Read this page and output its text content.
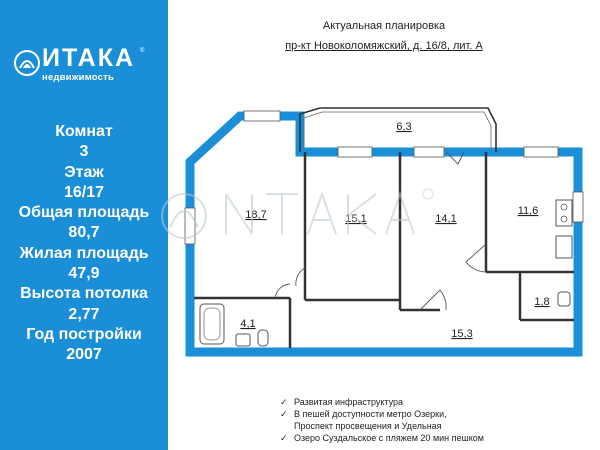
ИТАКА ®
недвижимость
Комнат
3
Этаж
16/17
Общая площадь
80,7
Жилая площадь
47,9
Высота потолка
2,77
Год постройки
2007
Актуальная планировка
пр-кт Новоколомяжский, д. 16/8, лит. А
6,3
18,7	15,1	14,1
11,6
1,8
4,1
15,3
✓ Развитая инфраструктура
✓ В пешей доступности метро Озерки,
Проспект просвещения и Удельная
✓ Озеро Суздальское с пляжем 20 мин пешком
